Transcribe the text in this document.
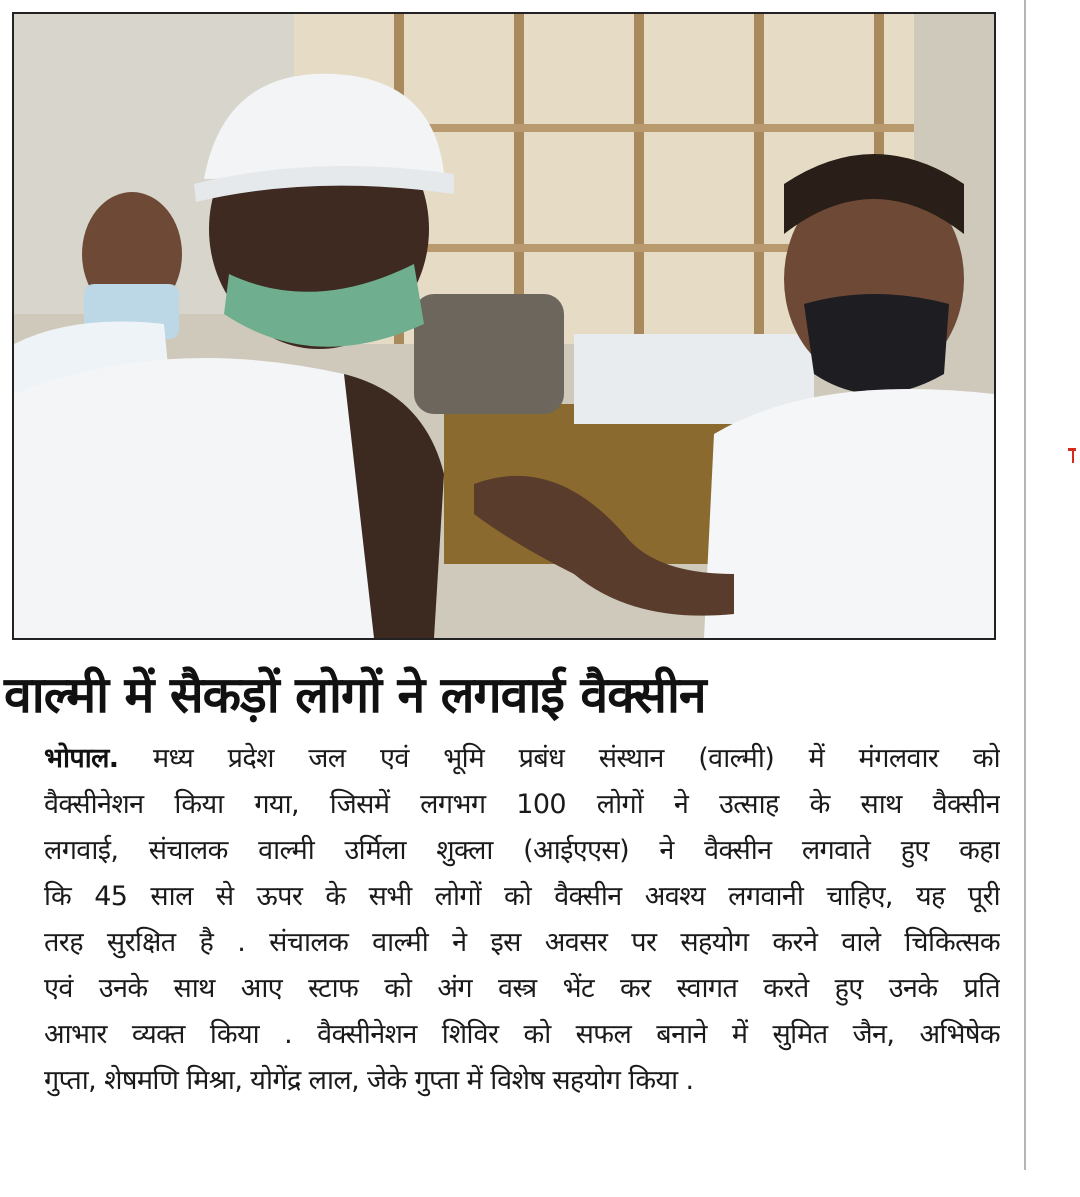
वाल्मी में सैकड़ों लोगों ने लगवाई वैक्सीन
भोपाल. मध्य प्रदेश जल एवं भूमि प्रबंध संस्थान (वाल्मी) में मंगलवार को
वैक्सीनेशन किया गया, जिसमें लगभग 100 लोगों ने उत्साह के साथ वैक्सीन
लगवाई, संचालक वाल्मी उर्मिला शुक्ला (आईएएस) ने वैक्सीन लगवाते हुए कहा
कि 45 साल से ऊपर के सभी लोगों को वैक्सीन अवश्य लगवानी चाहिए, यह पूरी
तरह सुरक्षित है . संचालक वाल्मी ने इस अवसर पर सहयोग करने वाले चिकित्सक
एवं उनके साथ आए स्टाफ को अंग वस्त्र भेंट कर स्वागत करते हुए उनके प्रति
आभार व्यक्त किया . वैक्सीनेशन शिविर को सफल बनाने में सुमित जैन, अभिषेक
गुप्ता, शेषमणि मिश्रा, योगेंद्र लाल, जेके गुप्ता में विशेष सहयोग किया .
